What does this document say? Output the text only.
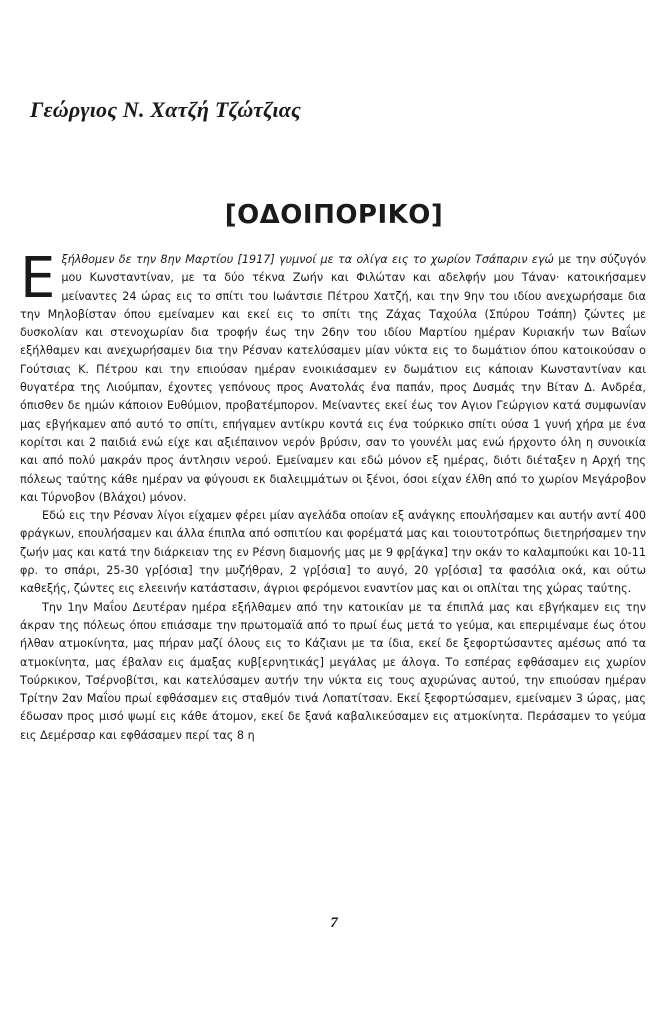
Γεώργιος Ν. Χατζή Τζώτζιας
[ΟΔΟΙΠΟΡΙΚΟ]

Εξήλθομεν δε την 8ην Μαρτίου [1917] γυμνοί με τα ολίγα εις το χωρίον Τσάπαριν εγώ με την σύζυγόν μου Κωνσταντίναν, με τα δύο τέκνα Ζωήν και Φιλώταν και αδελφήν μου Τάναν· κατοικήσαμεν μείναντες 24 ώρας εις το σπίτι του Ιωάντσιε Πέτρου Χατζή, και την 9ην του ιδίου ανεχωρήσαμε δια την Μηλοβίσταν όπου εμείναμεν και εκεί εις το σπίτι της Ζάχας Ταχούλα (Σπύρου Τσάπη) ζώντες με δυσκολίαν και στενοχωρίαν δια τροφήν έως την 26ην του ιδίου Μαρτίου ημέραν Κυριακήν των Βαΐων εξήλθαμεν και ανεχωρήσαμεν δια την Ρέσναν κατελύσαμεν μίαν νύκτα εις το δωμάτιον όπου κατοικούσαν ο Γούτσιας Κ. Πέτρου και την επιούσαν ημέραν ενοικιάσαμεν εν δωμάτιον εις κάποιαν Κωνσταντίναν και θυγατέρα της Λιούμπαν, έχοντες γεπόνους προς Ανατολάς ένα παπάν, προς Δυσμάς την Βίταν Δ. Ανδρέα, όπισθεν δε ημών κάποιον Ευθύμιον, προβατέμπορον. Μείναντες εκεί έως τον Αγιον Γεώργιον κατά συμφωνίαν μας εβγήκαμεν από αυτό το σπίτι, επήγαμεν αντίκρυ κοντά εις ένα τούρκικο σπίτι ούσα 1 γυνή χήρα με ένα κορίτσι και 2 παιδιά ενώ είχε και αξιέπαινον νερόν βρύσιν, σαν το γουνέλι μας ενώ ήρχοντο όλη η συνοικία και από πολύ μακράν προς άντλησιν νερού. Εμείναμεν και εδώ μόνον εξ ημέρας, διότι διέταξεν η Αρχή της πόλεως ταύτης κάθε ημέραν να φύγουσι εκ διαλειμμάτων οι ξένοι, όσοι είχαν έλθη από το χωρίον Μεγάροβον και Τύρνοβον (Βλάχοι) μόνον.

Εδώ εις την Ρέσναν λίγοι είχαμεν φέρει μίαν αγελάδα οποίαν εξ ανάγκης επουλήσαμεν και αυτήν αντί 400 φράγκων, επουλήσαμεν και άλλα έπιπλα από οσπιτίου και φορέματά μας και τοιουτοτρόπως διετηρήσαμεν την ζωήν μας και κατά την διάρκειαν της εν Ρέσνη διαμονής μας με 9 φρ[άγκα] την οκάν το καλαμπούκι και 10-11 φρ. το σπάρι, 25-30 γρ[όσια] την μυζήθραν, 2 γρ[όσια] το αυγό, 20 γρ[όσια] τα φασόλια οκά, και ούτω καθεξής, ζώντες εις ελεεινήν κατάστασιν, άγριοι φερόμενοι εναντίον μας και οι οπλίται της χώρας ταύτης.

Την 1ην Μαΐου Δευτέραν ημέρα εξήλθαμεν από την κατοικίαν με τα έπιπλά μας και εβγήκαμεν εις την άκραν της πόλεως όπου επιάσαμε την πρωτομαϊά από το πρωί έως μετά το γεύμα, και επεριμέναμε έως ότου ήλθαν ατμοκίνητα, μας πήραν μαζί όλους εις το Κάζιανι με τα ίδια, εκεί δε ξεφορτώσαντες αμέσως από τα ατμοκίνητα, μας έβαλαν εις άμαξας κυβ[ερνητικάς] μεγάλας με άλογα. Το εσπέρας εφθάσαμεν εις χωρίον Τούρκικον, Τσέρνοβίτσι, και κατελύσαμεν αυτήν την νύκτα εις τους αχυρώνας αυτού, την επιούσαν ημέραν Τρίτην 2αν Μαΐου πρωί εφθάσαμεν εις σταθμόν τινά Λοπατίτσαν. Εκεί ξεφορτώσαμεν, εμείναμεν 3 ώρας, μας έδωσαν προς μισό ψωμί εις κάθε άτομον, εκεί δε ξανά καβαλικεύσαμεν εις ατμοκίνητα. Περάσαμεν το γεύμα εις Δεμέρσαρ και εφθάσαμεν περί τας 8 η

7
